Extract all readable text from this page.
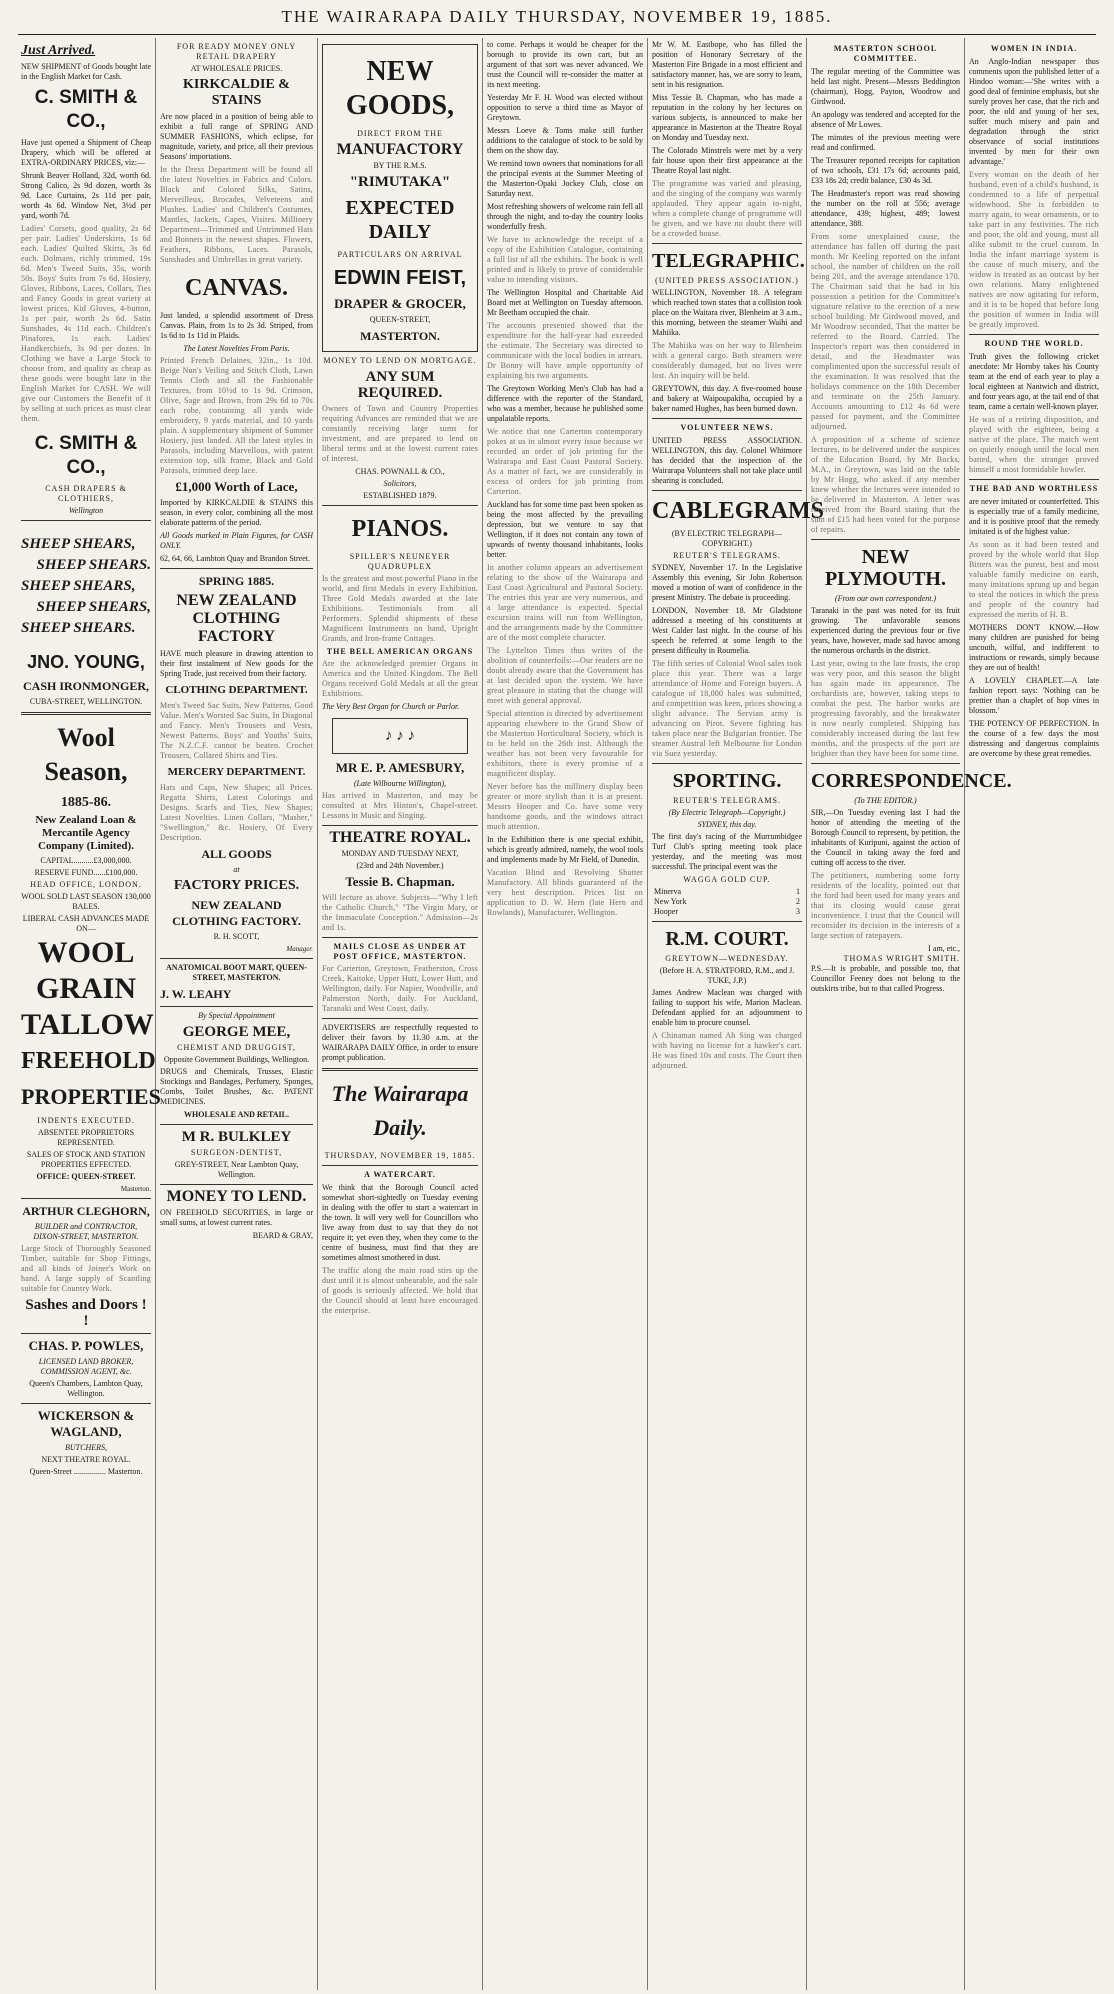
THE WAIRARAPA DAILY THURSDAY, NOVEMBER 19, 1885.
Just Arrived.

NEW SHIPMENT of Goods bought late in the English Market for Cash.

C. SMITH & CO.,

Have just opened a Shipment of Cheap Drapery, which will be offered at EXTRA-ORDINARY PRICES, viz:—

Shrunk Beaver Holland, 32d, worth 6d. Strong Calico, 2s 9d dozen, worth 3s 9d. Lace Curtains, 2s 11d per pair, worth 4s 6d. Window Net, 3½d per yard, worth 7d.

Ladies' Corsets, good quality, 2s 6d per pair. Ladies' Underskirts, 1s 6d each. Ladies' Quilted Skirts, 3s 6d each. Dolmans, richly trimmed, 19s 6d. Men's Tweed Suits, 35s, worth 50s. Boys' Suits from 7s 6d. Hosiery, Gloves, Ribbons, Laces, Collars, Ties and Fancy Goods in great variety at lowest prices. Kid Gloves, 4-button, 1s per pair, worth 2s 6d. Satin Sunshades, 4s 11d each. Children's Pinafores, 1s each. Ladies' Handkerchiefs, 3s 9d per dozen. In Clothing we have a Large Stock to choose from, and quality as cheap as these goods were bought late in the English Market for CASH. We will give our Customers the Benefit of it by selling at such prices as must clear them.

C. SMITH & CO.,
CASH DRAPERS & CLOTHIERS,
Wellington
SHEEP SHEARS,
SHEEP SHEARS.
SHEEP SHEARS,
SHEEP SHEARS,
SHEEP SHEARS.
JNO. YOUNG,
CASH IRONMONGER,
CUBA-STREET, WELLINGTON.
Wool Season,
1885-86.
New Zealand Loan & Mercantile Agency Company (Limited).
CAPITAL..........£3,000,000.
RESERVE FUND......£100,000.
HEAD OFFICE, LONDON.
WOOL SOLD LAST SEASON 130,000 BALES.
LIBERAL CASH ADVANCES MADE ON—
WOOL
GRAIN
TALLOW
FREEHOLD
PROPERTIES
INDENTS EXECUTED.
ABSENTEE PROPRIETORS REPRESENTED.
SALES OF STOCK AND STATION PROPERTIES EFFECTED.
OFFICE: QUEEN-STREET.
Masterton.
ARTHUR CLEGHORN,
BUILDER and CONTRACTOR, DIXON-STREET, MASTERTON.

Large Stock of Thoroughly Seasoned Timber, suitable for Shop Fittings, and all kinds of Joiner's Work on hand. A large supply of Scantling suitable for Country Work.

Sashes and Doors ! !
CHAS. P. POWLES,
LICENSED LAND BROKER, COMMISSION AGENT, &c.
Queen's Chambers, Lambton Quay, Wellington.
WICKERSON & WAGLAND,
BUTCHERS,
NEXT THEATRE ROYAL.
Queen-Street ................ Masterton.
FOR READY MONEY ONLY RETAIL DRAPERY
AT WHOLESALE PRICES.
KIRKCALDIE & STAINS

Are now placed in a position of being able to exhibit a full range of SPRING AND SUMMER FASHIONS, which eclipse, for magnitude, variety, and price, all their previous Seasons' importations.

In the Dress Department will be found all the latest Novelties in Fabrics and Colors. Black and Colored Silks, Satins, Merveilleux, Brocades, Velveteens and Plushes. Ladies' and Children's Costumes, Mantles, Jackets, Capes, Visites. Millinery Department—Trimmed and Untrimmed Hats and Bonnets in the newest shapes. Flowers, Feathers, Ribbons, Laces. Parasols, Sunshades and Umbrellas in great variety.

CANVAS.

Just landed, a splendid assortment of Dress Canvas. Plain, from 1s to 2s 3d. Striped, from 1s 6d to 1s 11d in Plaids.

The Latest Novelties From Paris.

Printed French Delaines, 32in., 1s 10d. Beige Nun's Veiling and Stitch Cloth, Lawn Tennis Cloth and all the Fashionable Textures, from 10½d to 1s 9d. Crimson, Olive, Sage and Brown, from 29s 6d to 70s each robe, containing all yards wide embroidery, 9 yards material, and 10 yards plain. A supplementary shipment of Summer Hosiery, just landed. All the latest styles in Parasols, including Marvellous, with patent extension top, silk frame, Black and Gold Parasols, trimmed deep lace.

£1,000 Worth of Lace,

Imported by KIRKCALDIE & STAINS this season, in every color, combining all the most elaborate patterns of the period.

All Goods marked in Plain Figures, for CASH ONLY.

62, 64, 66, Lambton Quay and Brandon Street.

SPRING 1885.
NEW ZEALAND CLOTHING FACTORY

HAVE much pleasure in drawing attention to their first instalment of New goods for the Spring Trade, just received from their factory.

CLOTHING DEPARTMENT.

Men's Tweed Sac Suits, New Patterns, Good Value. Men's Worsted Sac Suits, In Diagonal and Fancy. Men's Trousers and Vests, Newest Patterns. Boys' and Youths' Suits, The N.Z.C.F. cannot be beaten. Crochet Trousers, Collared Shirts and Ties.

MERCERY DEPARTMENT.

Hats and Caps, New Shapes; all Prices. Regatta Shirts, Latest Colorings and Designs. Scarfs and Ties, New Shapes; Latest Novelties. Linen Collars, "Masher," "Swellington," &c. Hosiery, Of Every Description.

ALL GOODS
at
FACTORY PRICES.
NEW ZEALAND CLOTHING FACTORY.
R. H. SCOTT,
Manager.
ANATOMICAL BOOT MART, QUEEN-STREET, MASTERTON.
J. W. LEAHY
By Special Appointment
GEORGE MEE,
CHEMIST AND DRUGGIST,
Opposite Government Buildings, Wellington.

DRUGS and Chemicals, Trusses, Elastic Stockings and Bandages, Perfumery, Sponges, Combs, Toilet Brushes, &c. PATENT MEDICINES.

WHOLESALE AND RETAIL.
M R. BULKLEY
SURGEON-DENTIST,
GREY-STREET, Near Lambton Quay, Wellington.
MONEY TO LEND.

ON FREEHOLD SECURITIES, in large or small sums, at lowest current rates.

BEARD & GRAY,
NEW GOODS,
DIRECT FROM THE
MANUFACTORY
BY THE R.M.S.
"RIMUTAKA"
EXPECTED DAILY
PARTICULARS ON ARRIVAL
EDWIN FEIST,
DRAPER & GROCER,
QUEEN-STREET,
MASTERTON.
MONEY TO LEND ON MORTGAGE.
ANY SUM REQUIRED.

Owners of Town and Country Properties requiring Advances are reminded that we are constantly receiving large sums for investment, and are prepared to lend on liberal terms and at the lowest current rates of interest.

CHAS. POWNALL & CO.,
Solicitors,
ESTABLISHED 1879.
PIANOS.
SPILLER'S NEUNEYER QUADRUPLEX

Is the greatest and most powerful Piano in the world, and first Medals in every Exhibition. Three Gold Medals awarded at the late Exhibitions. Testimonials from all Performers. Splendid shipments of these Magnificent Instruments on hand, Upright Grands, and Iron-frame Cottages.

THE BELL AMERICAN ORGANS

Are the acknowledged premier Organs in America and the United Kingdom. The Bell Organs received Gold Medals at all the great Exhibitions.

The Very Best Organ for Church or Parlor.

♪ ♪ ♪
MR E. P. AMESBURY,
(Late Wilbourne Willington),

Has arrived in Masterton, and may be consulted at Mrs Hinton's, Chapel-street. Lessons in Music and Singing.

THEATRE ROYAL.
MONDAY AND TUESDAY NEXT,
(23rd and 24th November.)
Tessie B. Chapman.

Will lecture as above. Subjects—"Why I left the Catholic Church," "The Virgin Mary, or the Immaculate Conception." Admission—2s and 1s.

MAILS CLOSE AS UNDER AT POST OFFICE, MASTERTON.

For Carterton, Greytown, Featherston, Cross Creek, Kaitoke, Upper Hutt, Lower Hutt, and Wellington, daily. For Napier, Woodville, and Palmerston North, daily. For Auckland, Taranaki and West Coast, daily.

ADVERTISERS are respectfully requested to deliver their favors by 11.30 a.m. at the WAIRARAPA DAILY Office, in order to ensure prompt publication.

The Wairarapa Daily.
THURSDAY, NOVEMBER 19, 1885.
A WATERCART.

We think that the Borough Council acted somewhat short-sightedly on Tuesday evening in dealing with the offer to start a watercart in the town. It will very well for Councillors who live away from dust to say that they do not require it; yet even they, when they come to the centre of business, must find that they are sometimes almost smothered in dust.

The traffic along the main road stirs up the dust until it is almost unbearable, and the sale of goods is seriously affected. We hold that the Council should at least have encouraged the enterprise.

to come. Perhaps it would be cheaper for the borough to provide its own cart, but an argument of that sort was never advanced. We trust the Council will re-consider the matter at its next meeting.

Yesterday Mr F. H. Wood was elected without opposition to serve a third time as Mayor of Greytown.

Messrs Loeve & Toms make still further additions to the catalogue of stock to be sold by them on the show day.

We remind town owners that nominations for all the principal events at the Summer Meeting of the Masterton-Opaki Jockey Club, close on Saturday next.

Most refreshing showers of welcome rain fell all through the night, and to-day the country looks wonderfully fresh.

We have to acknowledge the receipt of a copy of the Exhibition Catalogue, containing a full list of all the exhibits. The book is well printed and is likely to prove of considerable value to intending visitors.

The Wellington Hospital and Charitable Aid Board met at Wellington on Tuesday afternoon. Mr Beetham occupied the chair.

The accounts presented showed that the expenditure for the half-year had exceeded the estimate. The Secretary was directed to communicate with the local bodies in arrears. Dr Bonny will have ample opportunity of explaining his two arguments.

The Greytown Working Men's Club has had a difference with the reporter of the Standard, who was a member, because he published some unpalatable reports.

We notice that one Carterton contemporary pokes at us in almost every issue because we recorded an order of job printing for the Wairarapa and East Coast Pastoral Society. As a matter of fact, we are considerably in excess of orders for job printing from Carterton.

Auckland has for some time past been spoken as being the most affected by the prevailing depression, but we venture to say that Wellington, if it does not contain any town of upwards of twenty thousand inhabitants, looks better.

In another column appears an advertisement relating to the show of the Wairarapa and East Coast Agricultural and Pastoral Society. The entries this year are very numerous, and a large attendance is expected. Special excursion trains will run from Wellington, and the arrangements made by the Committee are of the most complete character.

The Lyttelton Times thus writes of the abolition of counterfoils:—Our readers are no doubt already aware that the Government has at last decided upon the system. We have great pleasure in stating that the change will meet with general approval.

Special attention is directed by advertisement appearing elsewhere to the Grand Show of the Masterton Horticultural Society, which is to be held on the 26th inst. Although the weather has not been very favourable for exhibitors, there is every promise of a magnificent display.

Never before has the millinery display been greater or more stylish than it is at present. Messrs Hooper and Co. have some very handsome goods, and the windows attract much attention.

In the Exhibition there is one special exhibit, which is greatly admired, namely, the wool tools and implements made by Mr Field, of Dunedin.

Vacation Blind and Revolving Shutter Manufactory. All blinds guaranteed of the very best description. Prices list on application to D. W. Hern (late Hern and Rowlands), Manufacturer, Wellington.

Mr W. M. Eastbope, who has filled the position of Honorary Secretary of the Masterton Fire Brigade in a most efficient and satisfactory manner, has, we are sorry to learn, sent in his resignation.

Miss Tessie B. Chapman, who has made a reputation in the colony by her lectures on various subjects, is announced to make her appearance in Masterton at the Theatre Royal on Monday and Tuesday next.

The Colorado Minstrels were met by a very fair house upon their first appearance at the Theatre Royal last night.

The programme was varied and pleasing, and the singing of the company was warmly applauded. They appear again to-night, when a complete change of programme will be given, and we have no doubt there will be a crowded house.

TELEGRAPHIC.
(UNITED PRESS ASSOCIATION.)

WELLINGTON, November 18. A telegram which reached town states that a collision took place on the Waitara river, Blenheim at 3 a.m., this morning, between the steamer Waihi and Mahiika.

The Mahiika was on her way to Blenheim with a general cargo. Both steamers were considerably damaged, but no lives were lost. An inquiry will be held.

GREYTOWN, this day. A five-roomed house and bakery at Waipoupakiha, occupied by a baker named Hughes, has been burned down.

VOLUNTEER NEWS.

UNITED PRESS ASSOCIATION. WELLINGTON, this day. Colonel Whitmore has decided that the inspection of the Wairarapa Volunteers shall not take place until shearing is concluded.

CABLEGRAMS
(BY ELECTRIC TELEGRAPH—COPYRIGHT.)
REUTER'S TELEGRAMS.

SYDNEY, November 17. In the Legislative Assembly this evening, Sir John Robertson moved a motion of want of confidence in the present Ministry. The debate is proceeding.

LONDON, November 18. Mr Gladstone addressed a meeting of his constituents at West Calder last night. In the course of his speech he referred at some length to the present difficulty in Roumelia.

The fifth series of Colonial Wool sales took place this year. There was a large attendance of Home and Foreign buyers. A catalogue of 18,000 bales was submitted, and competition was keen, prices showing a slight advance. The Servian army is advancing on Pirot. Severe fighting has taken place near the Bulgarian frontier. The steamer Austral left Melbourne for London via Suez yesterday.

SPORTING.
REUTER'S TELEGRAMS.
(By Electric Telegraph—Copyright.)
SYDNEY, this day.

The first day's racing of the Murrumbidgee Turf Club's spring meeting took place yesterday, and the meeting was most successful. The principal event was the

WAGGA GOLD CUP.
Minerva	1
New York	2
Hooper	3
R.M. COURT.
GREYTOWN—WEDNESDAY.
(Before H. A. STRATFORD, R.M., and J. TUKE, J.P.)

James Andrew Maclean was charged with failing to support his wife, Marion Maclean. Defendant applied for an adjournment to enable him to procure counsel.

A Chinaman named Ah Sing was charged with having no license for a hawker's cart. He was fined 10s and costs. The Court then adjourned.

MASTERTON SCHOOL COMMITTEE.

The regular meeting of the Committee was held last night. Present—Messrs Beddington (chairman), Hogg, Payton, Woodrow and Girdwood.

An apology was tendered and accepted for the absence of Mr Lowes.

The minutes of the previous meeting were read and confirmed.

The Treasurer reported receipts for capitation of two schools, £31 17s 6d; accounts paid, £33 18s 2d; credit balance, £30 4s 3d.

The Headmaster's report was read showing the number on the roll at 556; average attendance, 439; highest, 489; lowest attendance, 388.

From some unexplained cause, the attendance has fallen off during the past month. Mr Keeling reported on the infant school, the number of children on the roll being 201, and the average attendance 170. The Chairman said that he had in his possession a petition for the Committee's signature relative to the erection of a new school building. Mr Girdwood moved, and Mr Woodrow seconded, That the matter be referred to the Board. Carried. The Inspector's report was then considered in detail, and the Headmaster was complimented upon the successful result of the examination. It was resolved that the holidays commence on the 18th December and terminate on the 25th January. Accounts amounting to £12 4s 6d were passed for payment, and the Committee adjourned.

A proposition of a scheme of science lectures, to be delivered under the auspices of the Education Board, by Mr Bocks, M.A., in Greytown, was laid on the table by Mr Hogg, who asked if any member knew whether the lectures were intended to be delivered in Masterton. A letter was received from the Board stating that the sum of £15 had been voted for the purpose of repairs.

NEW PLYMOUTH.
(From our own correspondent.)

Taranaki in the past was noted for its fruit growing. The unfavorable seasons experienced during the previous four or five years, have, however, made sad havoc among the numerous orchards in the district.

Last year, owing to the late frosts, the crop was very poor, and this season the blight has again made its appearance. The orchardists are, however, taking steps to combat the pest. The harbor works are progressing favorably, and the breakwater is now nearly completed. Shipping has considerably increased during the last few months, and the prospects of the port are brighter than they have been for some time.

CORRESPONDENCE.
(To THE EDITOR.)

SIR,—On Tuesday evening last I had the honor of attending the meeting of the Borough Council to represent, by petition, the inhabitants of Kuripuni, against the action of the Council in taking away the ford and cutting off access to the river.

The petitioners, numbering some forty residents of the locality, pointed out that the ford had been used for many years and that its closing would cause great inconvenience. I trust that the Council will reconsider its decision in the interests of a large section of ratepayers.

I am, etc.,
THOMAS WRIGHT SMITH.

P.S.—It is probable, and possible too, that Councillor Feeney does not belong to the outskirts tribe, but to that called Progress.

WOMEN IN INDIA.

An Anglo-Indian newspaper thus comments upon the published letter of a Hindoo woman:—'She writes with a good deal of feminine emphasis, but she surely proves her case, that the rich and poor, the old and young of her sex, suffer much misery and pain and degradation through the strict observance of social institutions invented by men for their own advantage.'

Every woman on the death of her husband, even of a child's husband, is condemned to a life of perpetual widowhood. She is forbidden to marry again, to wear ornaments, or to take part in any festivities. The rich and poor, the old and young, must all alike submit to the cruel custom. In India the infant marriage system is the cause of much misery, and the widow is treated as an outcast by her own relations. Many enlightened natives are now agitating for reform, and it is to be hoped that before long the position of women in India will be greatly improved.

ROUND THE WORLD.

Truth gives the following cricket anecdote: Mr Hornby takes his County team at the end of each year to play a local eighteen at Nantwich and district, and four years ago, at the tail end of that team, came a certain well-known player.

He was of a retiring disposition, and played with the eighteen, being a native of the place. The match went on quietly enough until the local men batted, when the stranger proved himself a most formidable bowler.

THE BAD AND WORTHLESS

are never imitated or counterfeited. This is especially true of a family medicine, and it is positive proof that the remedy imitated is of the highest value.

As soon as it had been tested and proved by the whole world that Hop Bitters was the purest, best and most valuable family medicine on earth, many imitations sprung up and began to steal the notices in which the press and people of the country had expressed the merits of H. B.

MOTHERS DON'T KNOW.—How many children are punished for being uncouth, wilful, and indifferent to instructions or rewards, simply because they are out of health!

A LOVELY CHAPLET.—A late fashion report says: 'Nothing can be prettier than a chaplet of hop vines in blossom.'

THE POTENCY OF PERFECTION. In the course of a few days the most distressing and dangerous complaints are overcome by these great remedies.
